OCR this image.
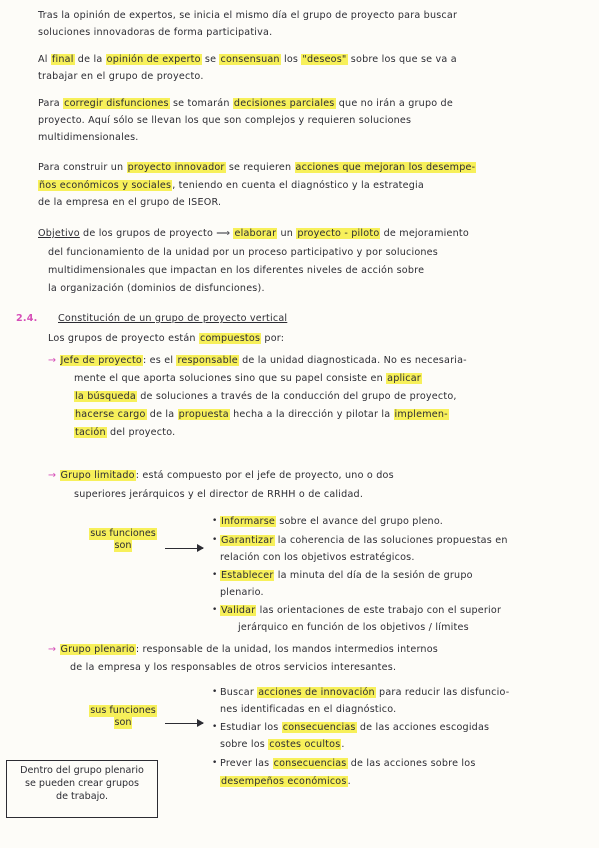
Tras la opinión de expertos, se inicia el mismo día el grupo de proyecto para buscar
soluciones innovadoras de forma participativa.
Al final de la opinión de experto se consensuan los "deseos" sobre los que se va a
trabajar en el grupo de proyecto.
Para corregir disfunciones se tomarán decisiones parciales que no irán a grupo de
proyecto. Aquí sólo se llevan los que son complejos y requieren soluciones
multidimensionales.
Para construir un proyecto innovador se requieren acciones que mejoran los desempe-
ños económicos y sociales, teniendo en cuenta el diagnóstico y la estrategia
de la empresa en el grupo de ISEOR.
Objetivo de los grupos de proyecto ⟹ elaborar un proyecto - piloto de mejoramiento
del funcionamiento de la unidad por un proceso participativo y por soluciones
multidimensionales que impactan en los diferentes niveles de acción sobre
la organización (dominios de disfunciones).
2.4. Constitución de un grupo de proyecto vertical
Los grupos de proyecto están compuestos por:
→ Jefe de proyecto: es el responsable de la unidad diagnosticada. No es necesaria-
mente el que aporta soluciones sino que su papel consiste en aplicar
la búsqueda de soluciones a través de la conducción del grupo de proyecto,
hacerse cargo de la propuesta hecha a la dirección y pilotar la implemen-
tación del proyecto.
→ Grupo limitado: está compuesto por el jefe de proyecto, uno o dos
superiores jerárquicos y el director de RRHH o de calidad.
sus funciones
son
• Informarse sobre el avance del grupo pleno.
• Garantizar la coherencia de las soluciones propuestas en
relación con los objetivos estratégicos.
• Establecer la minuta del día de la sesión de grupo
plenario.
• Validar las orientaciones de este trabajo con el superior
jerárquico en función de los objetivos / límites
→ Grupo plenario: responsable de la unidad, los mandos intermedios internos
de la empresa y los responsables de otros servicios interesantes.
sus funciones
son
• Buscar acciones de innovación para reducir las disfuncio-
nes identificadas en el diagnóstico.
• Estudiar los consecuencias de las acciones escogidas
sobre los costes ocultos.
• Prever las consecuencias de las acciones sobre los
desempeños económicos.
Dentro del grupo plenario
se pueden crear grupos
de trabajo.
